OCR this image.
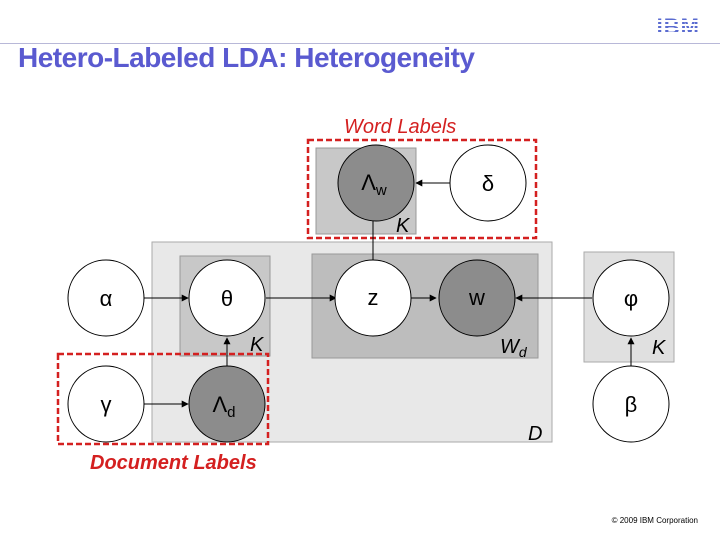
Hetero-Labeled LDA: Heterogeneity
IBM
α
γ
θ
$\Lambda_d$
$\Lambda_w$	δ
z	w	φ
β
K
K	$W_d$	K
D
Word Labels
Document Labels
© 2009 IBM Corporation
